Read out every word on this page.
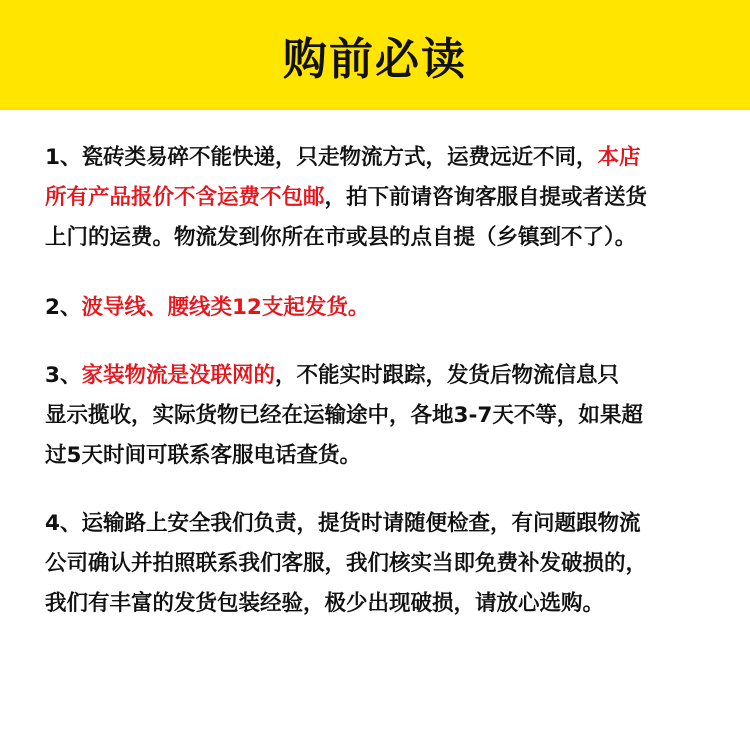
购前必读
1、瓷砖类易碎不能快递，只走物流方式，运费远近不同，本店
所有产品报价不含运费不包邮，拍下前请咨询客服自提或者送货
上门的运费。物流发到你所在市或县的点自提（乡镇到不了）。
2、波导线、腰线类12支起发货。
3、家装物流是没联网的，不能实时跟踪，发货后物流信息只
显示揽收，实际货物已经在运输途中，各地3-7天不等，如果超
过5天时间可联系客服电话查货。
4、运输路上安全我们负责，提货时请随便检查，有问题跟物流
公司确认并拍照联系我们客服，我们核实当即免费补发破损的，
我们有丰富的发货包装经验，极少出现破损，请放心选购。
